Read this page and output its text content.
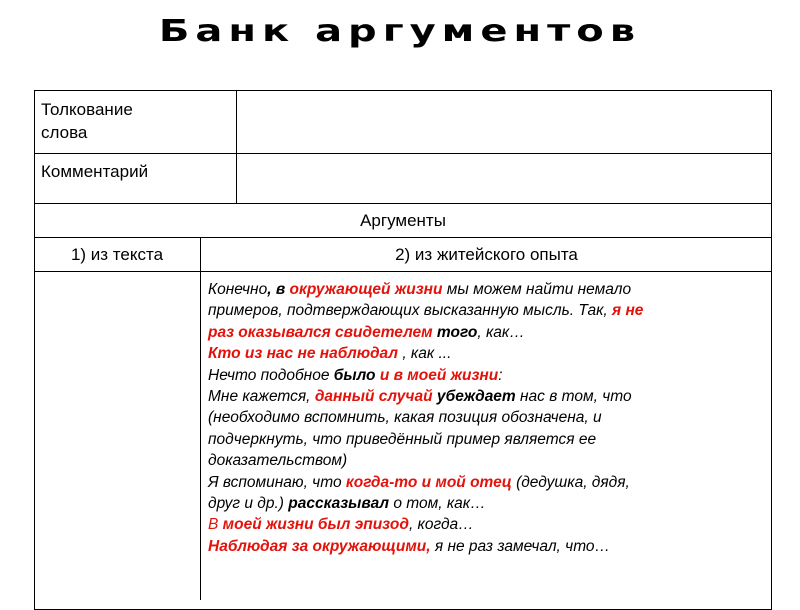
Банк аргументов
Толкование
слова
Комментарий
Аргументы
1) из текста	2) из житейского опыта
Конечно, в окружающей жизни мы можем найти немало
примеров, подтверждающих высказанную мысль. Так, я не
раз оказывался свидетелем того, как…
Кто из нас не наблюдал , как ...
Нечто подобное было и в моей жизни:
Мне кажется, данный случай убеждает нас в том, что
(необходимо вспомнить, какая позиция обозначена, и
подчеркнуть, что приведённый пример является ее
доказательством)
Я вспоминаю, что когда-то и мой отец (дедушка, дядя,
друг и др.) рассказывал о том, как…
В моей жизни был эпизод, когда…
Наблюдая за окружающими, я не раз замечал, что…
